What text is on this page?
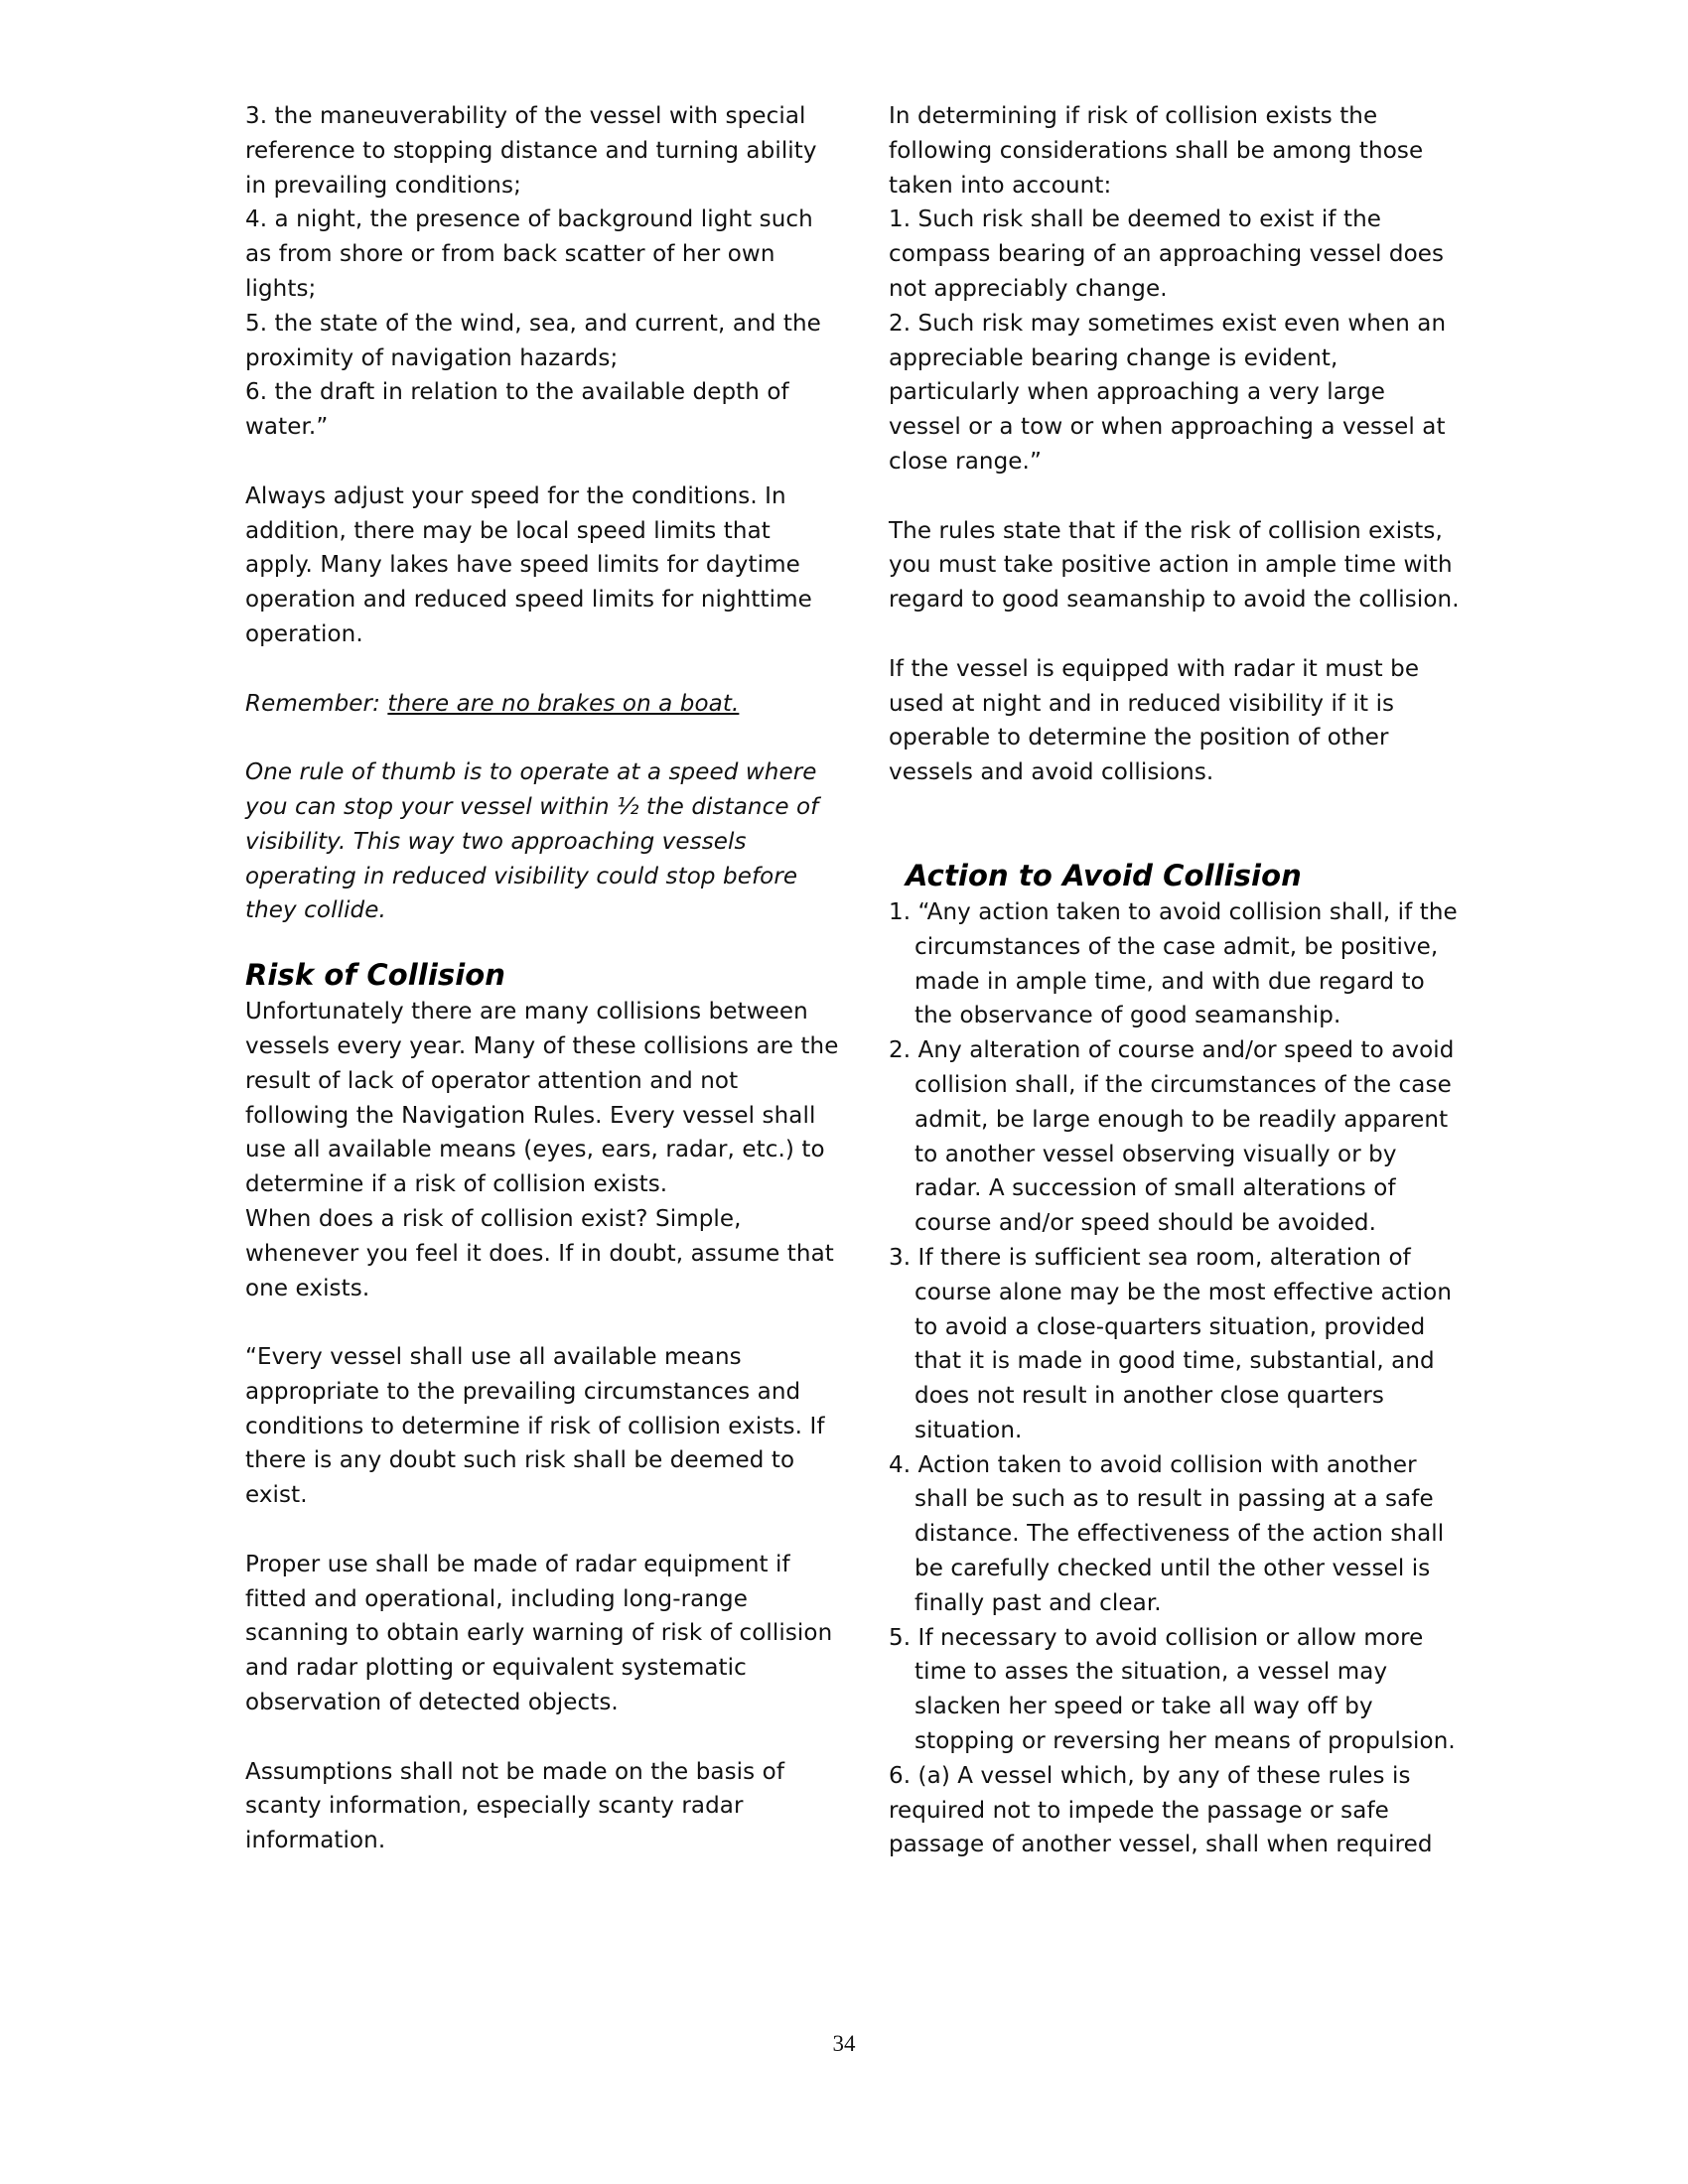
3. the maneuverability of the vessel with special reference to stopping distance and turning ability in prevailing conditions;

4. a night, the presence of background light such as from shore or from back scatter of her own lights;

5. the state of the wind, sea, and current, and the proximity of navigation hazards;

6. the draft in relation to the available depth of water.”

Always adjust your speed for the conditions. In addition, there may be local speed limits that apply. Many lakes have speed limits for daytime operation and reduced speed limits for nighttime operation.

Remember: there are no brakes on a boat.

One rule of thumb is to operate at a speed where you can stop your vessel within ½ the distance of visibility. This way two approaching vessels operating in reduced visibility could stop before they collide.

Risk of Collision

Unfortunately there are many collisions between vessels every year. Many of these collisions are the result of lack of operator attention and not following the Navigation Rules. Every vessel shall use all available means (eyes, ears, radar, etc.) to determine if a risk of collision exists.

When does a risk of collision exist? Simple, whenever you feel it does. If in doubt, assume that one exists.

“Every vessel shall use all available means appropriate to the prevailing circumstances and conditions to determine if risk of collision exists. If there is any doubt such risk shall be deemed to exist.

Proper use shall be made of radar equipment if fitted and operational, including long-range scanning to obtain early warning of risk of collision and radar plotting or equivalent systematic observation of detected objects.

Assumptions shall not be made on the basis of scanty information, especially scanty radar information.

In determining if risk of collision exists the following considerations shall be among those taken into account:

1. Such risk shall be deemed to exist if the compass bearing of an approaching vessel does not appreciably change.

2. Such risk may sometimes exist even when an appreciable bearing change is evident, particularly when approaching a very large vessel or a tow or when approaching a vessel at close range.”

The rules state that if the risk of collision exists, you must take positive action in ample time with regard to good seamanship to avoid the collision.

If the vessel is equipped with radar it must be used at night and in reduced visibility if it is operable to determine the position of other vessels and avoid collisions.

Action to Avoid Collision
1. “Any action taken to avoid collision shall, if the circumstances of the case admit, be positive, made in ample time, and with due regard to the observance of good seamanship.
2. Any alteration of course and/or speed to avoid collision shall, if the circumstances of the case admit, be large enough to be readily apparent to another vessel observing visually or by radar. A succession of small alterations of course and/or speed should be avoided.
3. If there is sufficient sea room, alteration of course alone may be the most effective action to avoid a close-quarters situation, provided that it is made in good time, substantial, and does not result in another close quarters situation.
4. Action taken to avoid collision with another shall be such as to result in passing at a safe distance. The effectiveness of the action shall be carefully checked until the other vessel is finally past and clear.
5. If necessary to avoid collision or allow more time to asses the situation, a vessel may slacken her speed or take all way off by stopping or reversing her means of propulsion.

6. (a) A vessel which, by any of these rules is required not to impede the passage or safe passage of another vessel, shall when required

34
